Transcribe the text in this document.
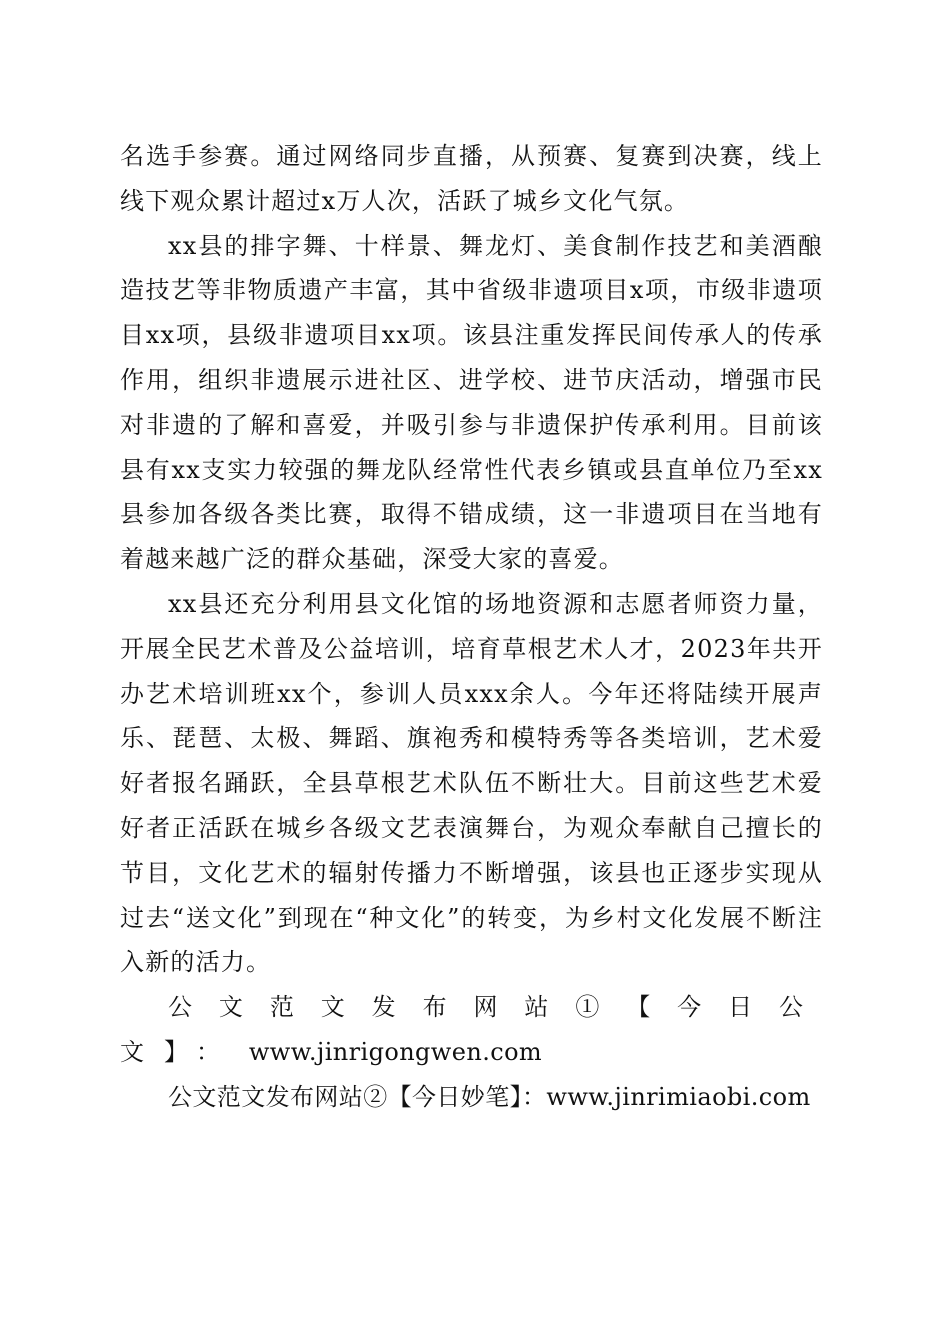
名选手参赛。通过网络同步直播，从预赛、复赛到决赛，线上线下观众累计超过x万人次，活跃了城乡文化气氛。

xx县的排字舞、十样景、舞龙灯、美食制作技艺和美酒酿造技艺等非物质遗产丰富，其中省级非遗项目x项，市级非遗项目xx项，县级非遗项目xx项。该县注重发挥民间传承人的传承作用，组织非遗展示进社区、进学校、进节庆活动，增强市民对非遗的了解和喜爱，并吸引参与非遗保护传承利用。目前该县有xx支实力较强的舞龙队经常性代表乡镇或县直单位乃至xx县参加各级各类比赛，取得不错成绩，这一非遗项目在当地有着越来越广泛的群众基础，深受大家的喜爱。

xx县还充分利用县文化馆的场地资源和志愿者师资力量，开展全民艺术普及公益培训，培育草根艺术人才，2023年共开办艺术培训班xx个，参训人员xxx余人。今年还将陆续开展声乐、琵琶、太极、舞蹈、旗袍秀和模特秀等各类培训，艺术爱好者报名踊跃，全县草根艺术队伍不断壮大。目前这些艺术爱好者正活跃在城乡各级文艺表演舞台，为观众奉献自己擅长的节目，文化艺术的辐射传播力不断增强，该县也正逐步实现从过去“送文化”到现在“种文化”的转变，为乡村文化发展不断注入新的活力。

公文范文发布网站①【今日公文】： www.jinrigongwen.com

公文范文发布网站②【今日妙笔】：www.jinrimiaobi.com
